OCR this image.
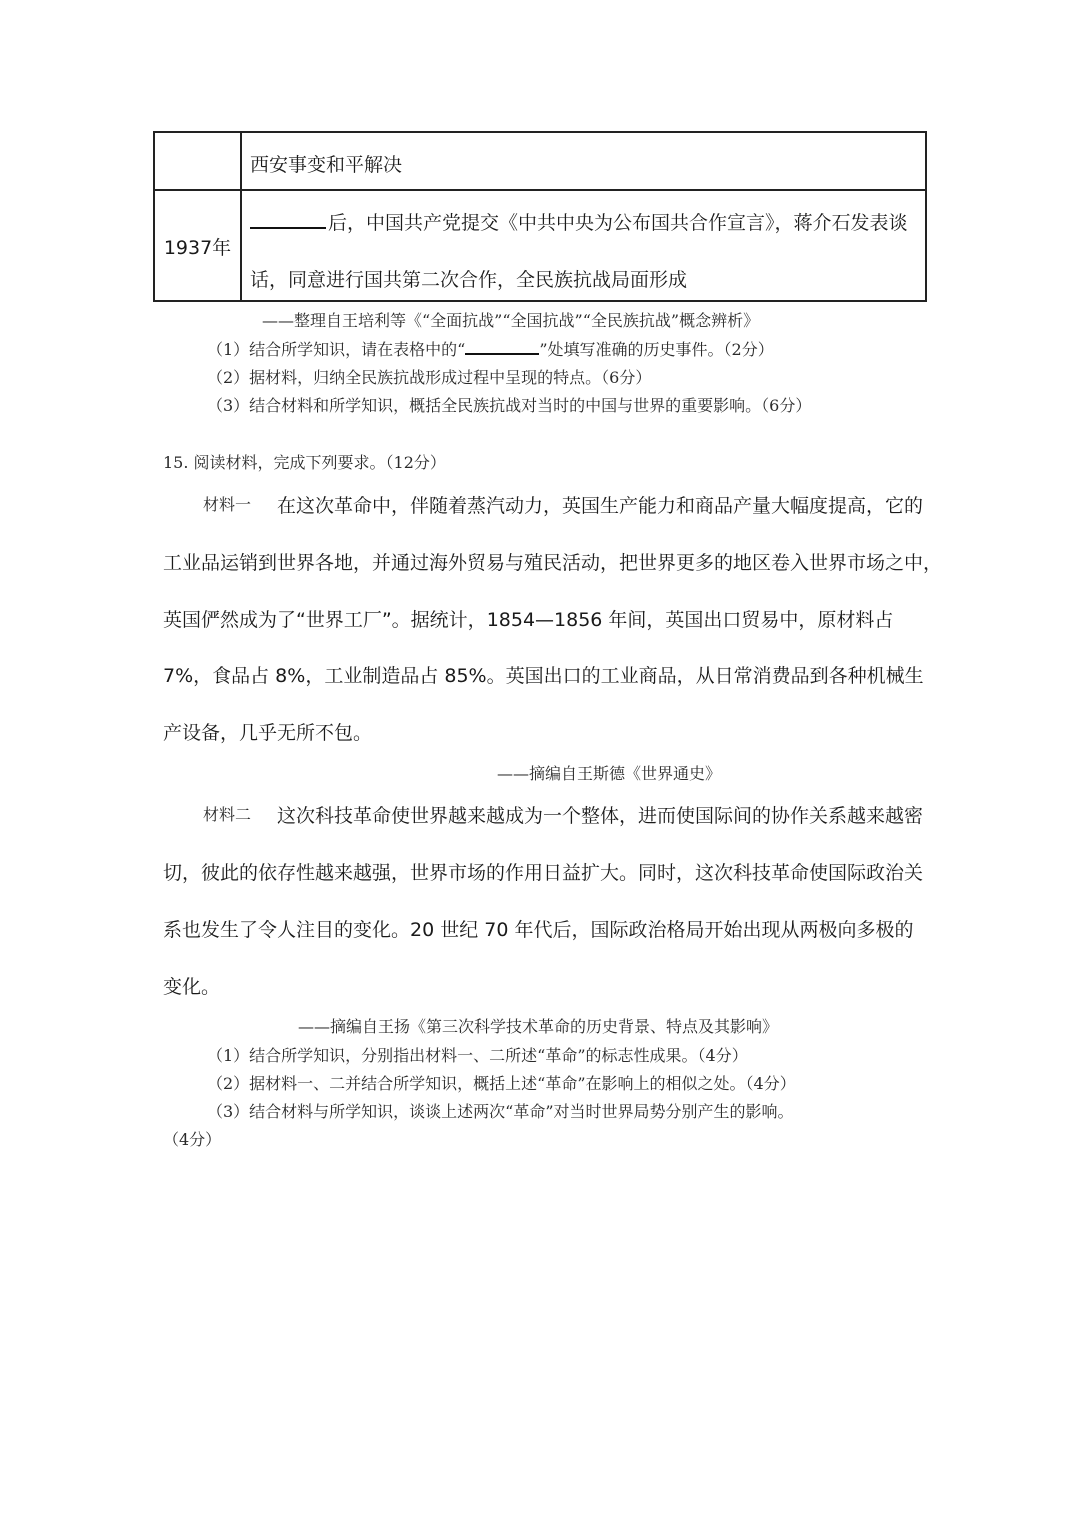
西安事变和平解决
1937年
后，中国共产党提交《中共中央为公布国共合作宣言》，蒋介石发表谈
话，同意进行国共第二次合作，全民族抗战局面形成
——整理自王培利等《“全面抗战”“全国抗战”“全民族抗战”概念辨析》
（1）结合所学知识，请在表格中的“	”处填写准确的历史事件。（2分）
（2）据材料，归纳全民族抗战形成过程中呈现的特点。（6分）
（3）结合材料和所学知识，概括全民族抗战对当时的中国与世界的重要影响。（6分）
15. 阅读材料，完成下列要求。（12分）
材料一 在这次革命中，伴随着蒸汽动力，英国生产能力和商品产量大幅度提高，它的
工业品运销到世界各地，并通过海外贸易与殖民活动，把世界更多的地区卷入世界市场之中，
英国俨然成为了“世界工厂”。据统计，1854—1856 年间，英国出口贸易中，原材料占
7%，食品占 8%，工业制造品占 85%。英国出口的工业商品，从日常消费品到各种机械生
产设备，几乎无所不包。
——摘编自王斯德《世界通史》
材料二 这次科技革命使世界越来越成为一个整体，进而使国际间的协作关系越来越密
切，彼此的依存性越来越强，世界市场的作用日益扩大。同时，这次科技革命使国际政治关
系也发生了令人注目的变化。20 世纪 70 年代后，国际政治格局开始出现从两极向多极的
变化。
——摘编自王扬《第三次科学技术革命的历史背景、特点及其影响》
（1）结合所学知识，分别指出材料一、二所述“革命”的标志性成果。（4分）
（2）据材料一、二并结合所学知识，概括上述“革命”在影响上的相似之处。（4分）
（3）结合材料与所学知识，谈谈上述两次“革命”对当时世界局势分别产生的影响。
（4分）
